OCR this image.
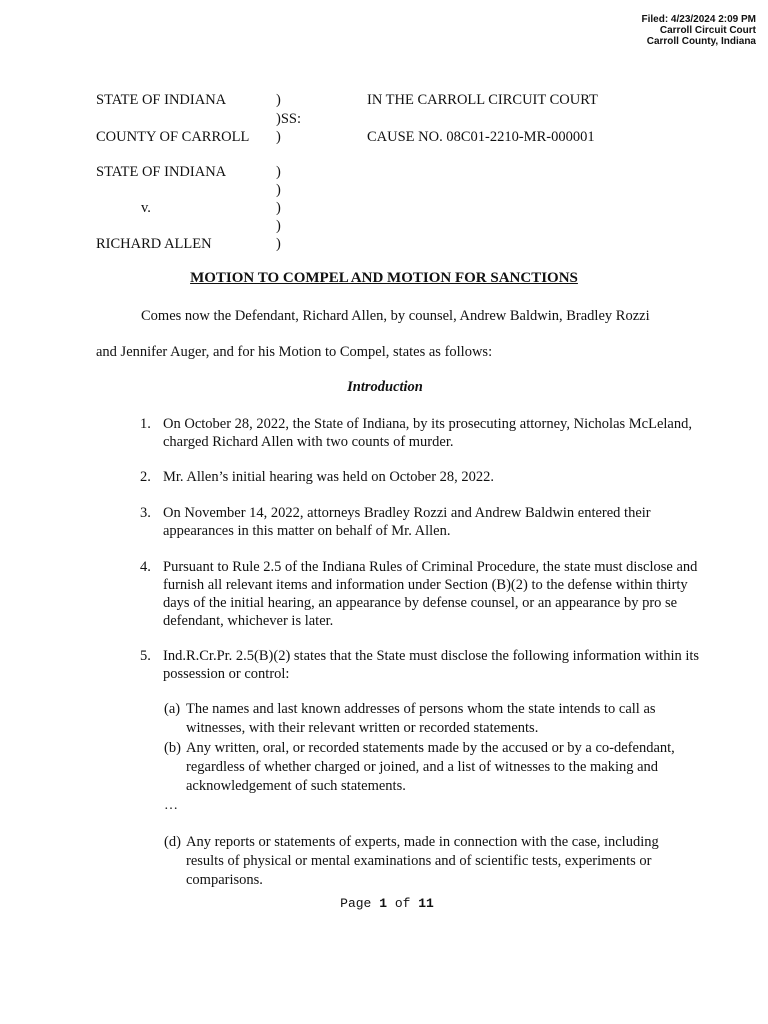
Filed: 4/23/2024 2:09 PM
Carroll Circuit Court
Carroll County, Indiana
STATE OF INDIANA	)	IN THE CARROLL CIRCUIT COURT
)SS:
COUNTY OF CARROLL )	CAUSE NO. 08C01-2210-MR-000001
STATE OF INDIANA	)
)
v.	)
)
RICHARD ALLEN	)
MOTION TO COMPEL AND MOTION FOR SANCTIONS
Comes now the Defendant, Richard Allen, by counsel, Andrew Baldwin, Bradley Rozzi
and Jennifer Auger, and for his Motion to Compel, states as follows:
Introduction
1. On October 28, 2022, the State of Indiana, by its prosecuting attorney, Nicholas McLeland, charged Richard Allen with two counts of murder.
2. Mr. Allen’s initial hearing was held on October 28, 2022.
3. On November 14, 2022, attorneys Bradley Rozzi and Andrew Baldwin entered their appearances in this matter on behalf of Mr. Allen.
4. Pursuant to Rule 2.5 of the Indiana Rules of Criminal Procedure, the state must disclose and furnish all relevant items and information under Section (B)(2) to the defense within thirty days of the initial hearing, an appearance by defense counsel, or an appearance by pro se defendant, whichever is later.
5. Ind.R.Cr.Pr. 2.5(B)(2) states that the State must disclose the following information within its possession or control:
(a) The names and last known addresses of persons whom the state intends to call as witnesses, with their relevant written or recorded statements.
(b) Any written, oral, or recorded statements made by the accused or by a co-defendant, regardless of whether charged or joined, and a list of witnesses to the making and acknowledgement of such statements.
…
(d) Any reports or statements of experts, made in connection with the case, including results of physical or mental examinations and of scientific tests, experiments or comparisons.
Page 1 of 11
